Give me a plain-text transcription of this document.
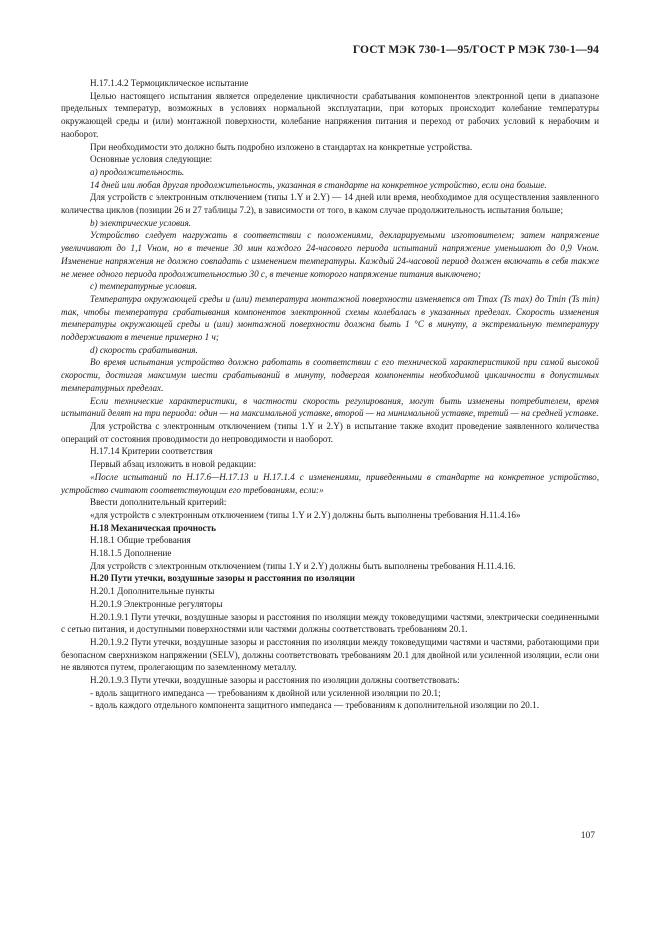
ГОСТ МЭК 730-1—95/ГОСТ Р МЭК 730-1—94

Н.17.1.4.2 Термоциклическое испытание

Целью настоящего испытания является определение цикличности срабатывания компонентов электронной цепи в диапазоне предельных температур, возможных в условиях нормальной эксплуатации, при которых происходит колебание температуры окружающей среды и (или) монтажной поверхности, колебание напряжения питания и переход от рабочих условий к нерабочим и наоборот.

При необходимости это должно быть подробно изложено в стандартах на конкретные устройства.

Основные условия следующие:

а) продолжительность.

14 дней или любая другая продолжительность, указанная в стандарте на конкретное устройство, если она больше.

Для устройств с электронным отключением (типы 1.Y и 2.Y) — 14 дней или время, необходимое для осуществления заявленного количества циклов (позиции 26 и 27 таблицы 7.2), в зависимости от того, в каком случае продолжительность испытания больше;

b) электрические условия.

Устройство следует нагружать в соответствии с положениями, декларируемыми изготовителем; затем напряжение увеличивают до 1,1 Vном, но в течение 30 мин каждого 24-часового периода испытаний напряжение уменьшают до 0,9 Vном. Изменение напряжения не должно совпадать с изменением температуры. Каждый 24-часовой период должен включать в себя также не менее одного периода продолжительностью 30 с, в течение которого напряжение питания выключено;

с) температурные условия.

Температура окружающей среды и (или) температура монтажной поверхности изменяется от Tmax (Ts max) до Tmin (Ts min) так, чтобы температура срабатывания компонентов электронной схемы колебалась в указанных пределах. Скорость изменения температуры окружающей среды и (или) монтажной поверхности должна быть 1 °С в минуту, а экстремальную температуру поддерживают в течение примерно 1 ч;

d) скорость срабатывания.

Во время испытания устройство должно работать в соответствии с его технической характеристикой при самой высокой скорости, достигая максимум шести срабатываний в минуту, подвергая компоненты необходимой цикличности в допустимых температурных пределах.

Если технические характеристики, в частности скорость регулирования, могут быть изменены потребителем, время испытаний делят на три периода: один — на максимальной уставке, второй — на минимальной уставке, третий — на средней уставке.

Для устройства с электронным отключением (типы 1.Y и 2.Y) в испытание также входит проведение заявленного количества операций от состояния проводимости до непроводимости и наоборот.

Н.17.14 Критерии соответствия

Первый абзац изложить в новой редакции:

«После испытаний по Н.17.6—Н.17.13 и Н.17.1.4 с изменениями, приведенными в стандарте на конкретное устройство, устройство считают соответствующим его требованиям, если:»

Ввести дополнительный критерий:

«для устройств с электронным отключением (типы 1.Y и 2.Y) должны быть выполнены требования Н.11.4.16»

Н.18 Механическая прочность

Н.18.1 Общие требования

Н.18.1.5 Дополнение

Для устройств с электронным отключением (типы 1.Y и 2.Y) должны быть выполнены требования Н.11.4.16.

Н.20 Пути утечки, воздушные зазоры и расстояния по изоляции

Н.20.1 Дополнительные пункты

Н.20.1.9 Электронные регуляторы

Н.20.1.9.1 Пути утечки, воздушные зазоры и расстояния по изоляции между токоведущими частями, электрически соединенными с сетью питания, и доступными поверхностями или частями должны соответствовать требованиям 20.1.

Н.20.1.9.2 Пути утечки, воздушные зазоры и расстояния по изоляции между токоведущими частями и частями, работающими при безопасном сверхнизком напряжении (SELV), должны соответствовать требованиям 20.1 для двойной или усиленной изоляции, если они не являются путем, пролегающим по заземленному металлу.

Н.20.1.9.3 Пути утечки, воздушные зазоры и расстояния по изоляции должны соответствовать:

- вдоль защитного импеданса — требованиям к двойной или усиленной изоляции по 20.1;

- вдоль каждого отдельного компонента защитного импеданса — требованиям к дополнительной изоляции по 20.1.

107
